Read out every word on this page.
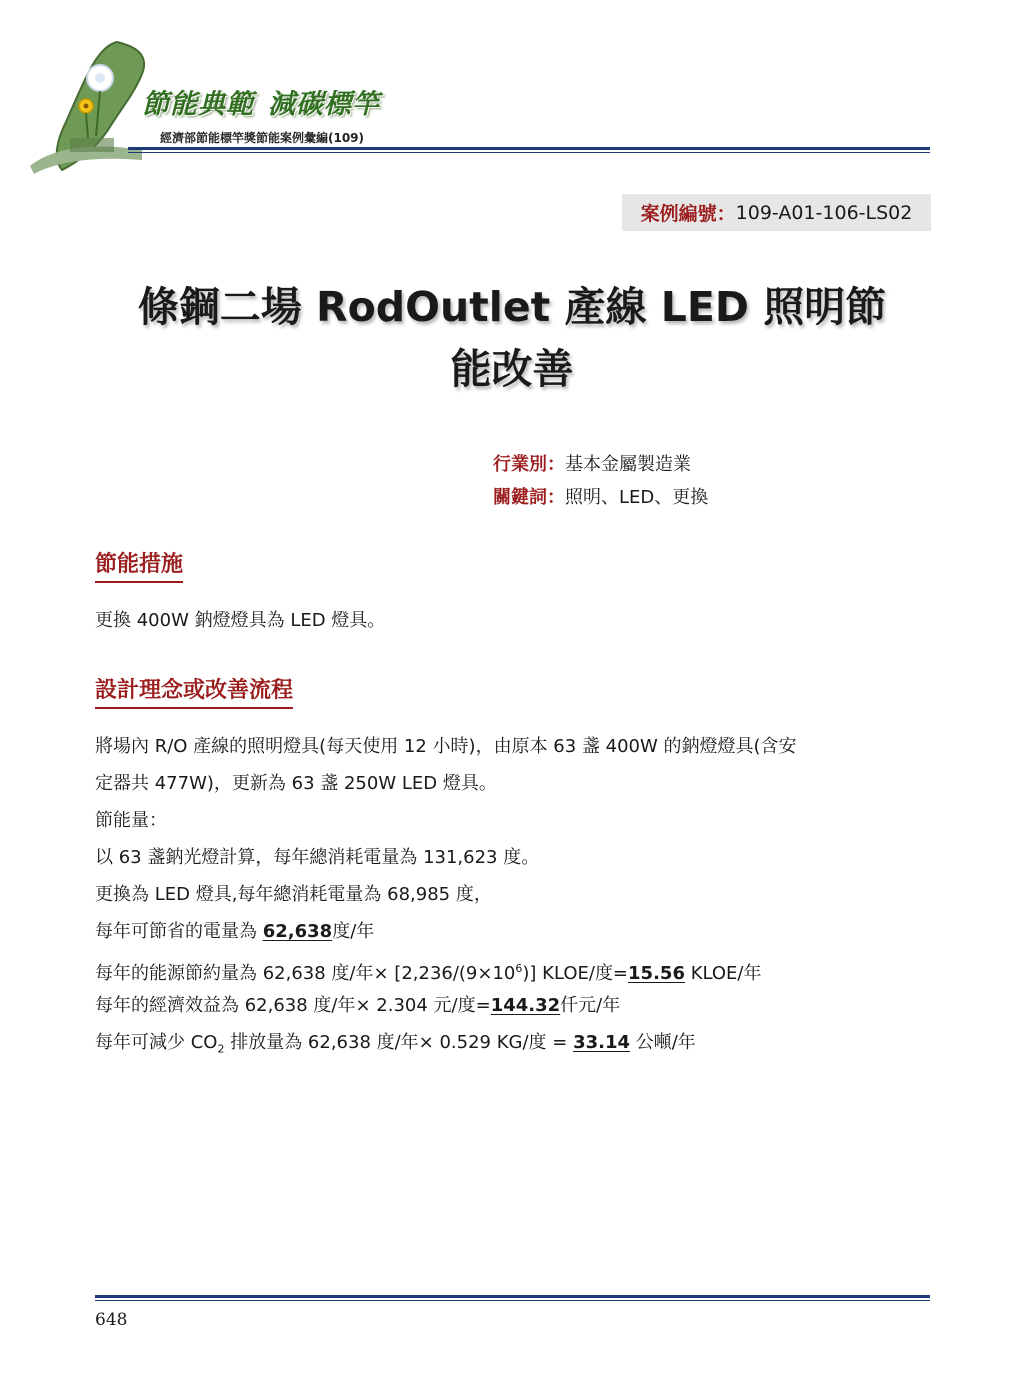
節能典範 減碳標竿
經濟部節能標竿獎節能案例彙編(109)
案例編號： 109-A01-106-LS02
條鋼二場 RodOutlet 產線 LED 照明節
能改善
行業別：基本金屬製造業
關鍵詞：照明、LED、更換
節能措施
更換 400W 鈉燈燈具為 LED 燈具。
設計理念或改善流程
將場內 R/O 產線的照明燈具(每天使用 12 小時)，由原本 63 盞 400W 的鈉燈燈具(含安
定器共 477W)，更新為 63 盞 250W LED 燈具。
節能量：
以 63 盞鈉光燈計算，每年總消耗電量為 131,623 度。
更換為 LED 燈具,每年總消耗電量為 68,985 度，
每年可節省的電量為 62,638度/年
每年的能源節約量為 62,638 度/年× $[2,236/(9\times 10^6)]$ KLOE/度=15.56 KLOE/年
每年的經濟效益為 62,638 度/年× 2.304 元/度=144.32仟元/年
每年可減少 $CO_2$ 排放量為 62,638 度/年× 0.529 KG/度 = 33.14 公噸/年
648
